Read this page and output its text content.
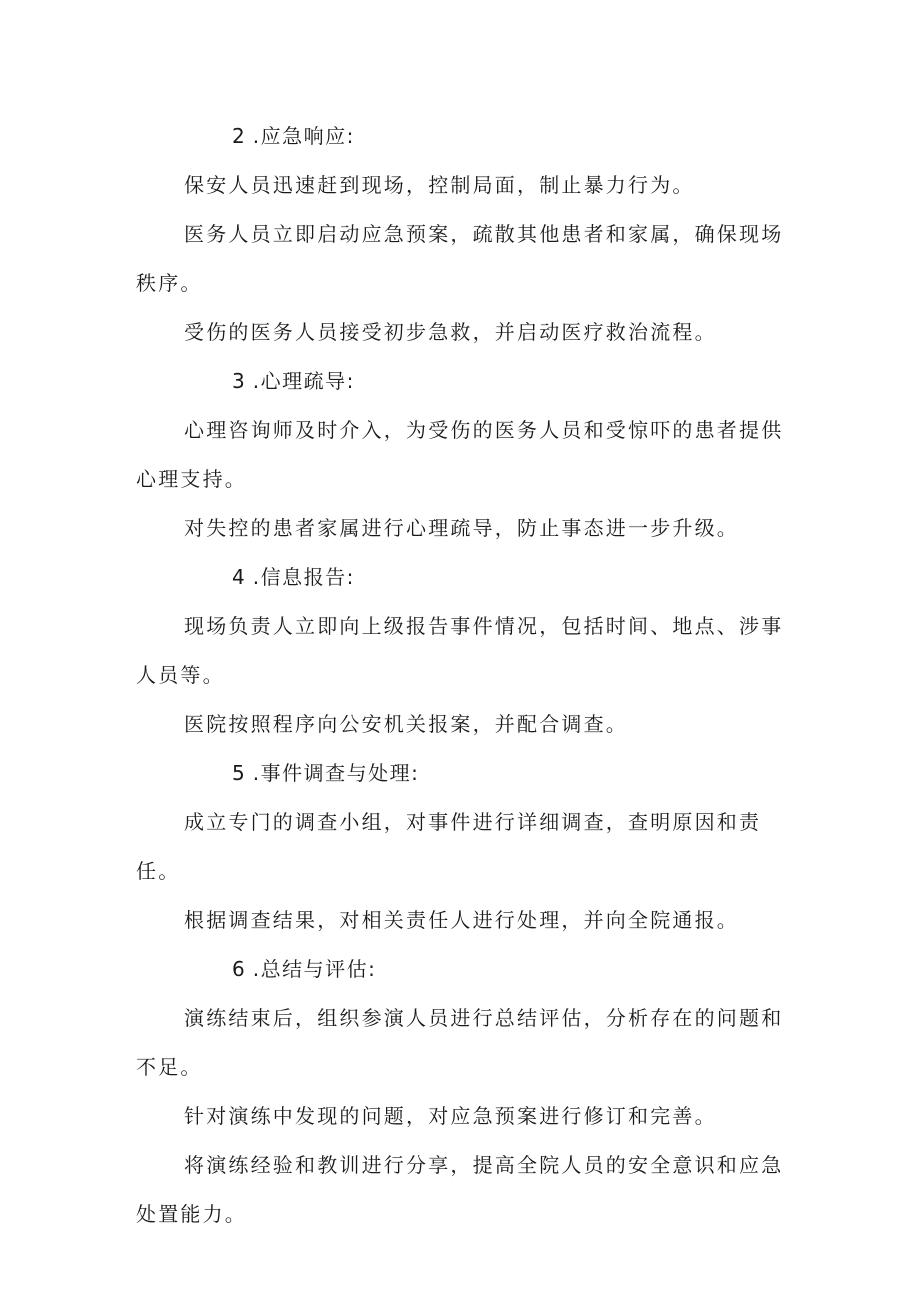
2 .应急响应:

保安人员迅速赶到现场，控制局面，制止暴力行为。

医务人员立即启动应急预案，疏散其他患者和家属，确保现场秩序。

受伤的医务人员接受初步急救，并启动医疗救治流程。

3 .心理疏导:

心理咨询师及时介入，为受伤的医务人员和受惊吓的患者提供心理支持。

对失控的患者家属进行心理疏导，防止事态进一步升级。

4 .信息报告:

现场负责人立即向上级报告事件情况，包括时间、地点、涉事人员等。

医院按照程序向公安机关报案，并配合调查。

5 .事件调查与处理:

成立专门的调查小组，对事件进行详细调查，查明原因和责任。

根据调查结果，对相关责任人进行处理，并向全院通报。

6 .总结与评估:

演练结束后，组织参演人员进行总结评估，分析存在的问题和不足。

针对演练中发现的问题，对应急预案进行修订和完善。

将演练经验和教训进行分享，提高全院人员的安全意识和应急处置能力。
